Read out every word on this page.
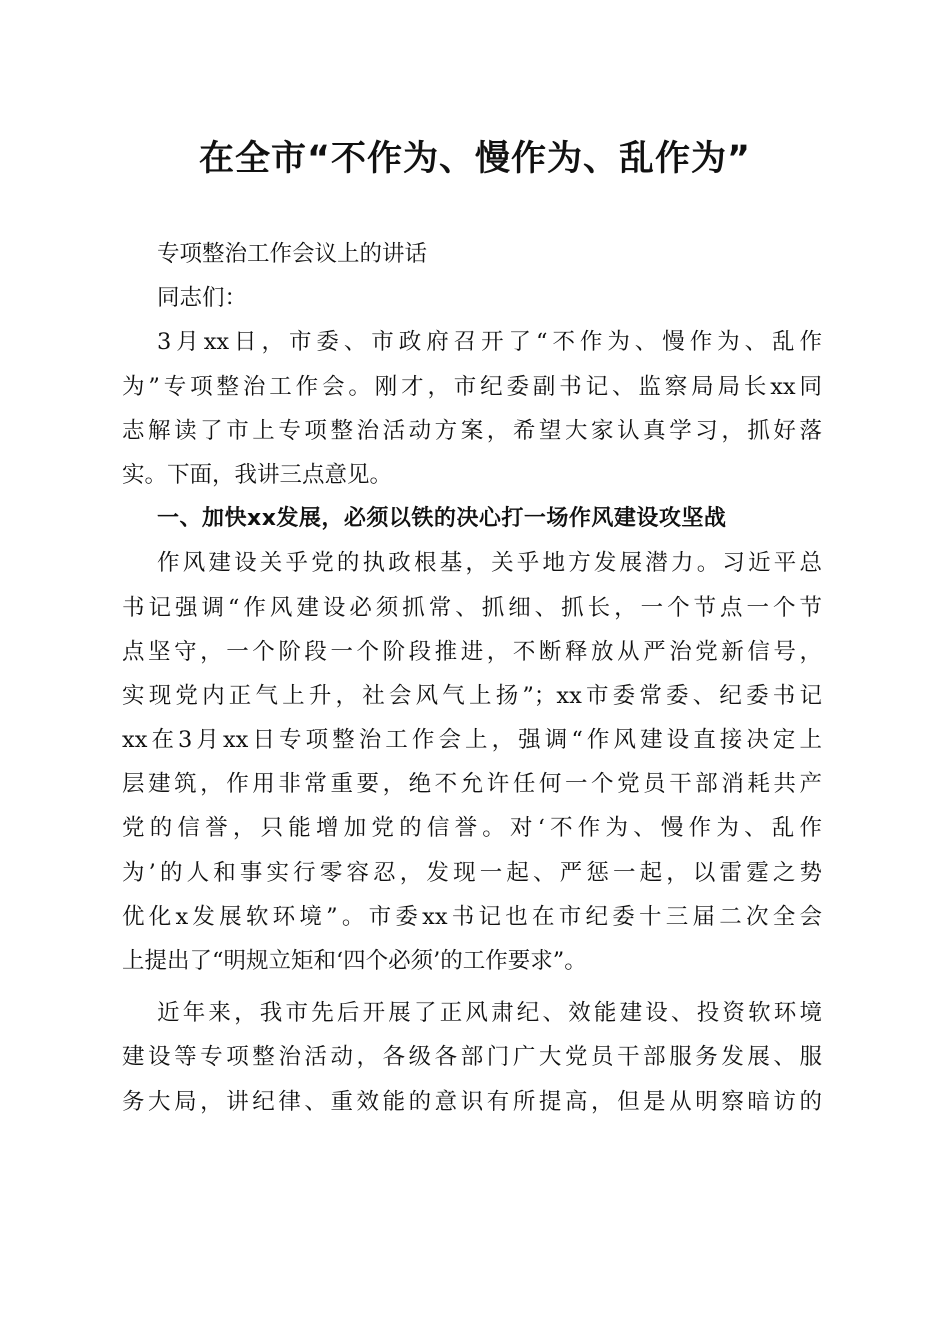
在全市“不作为、慢作为、乱作为”
专项整治工作会议上的讲话
同志们：
3月xx日，市委、市政府召开了“不作为、慢作为、乱作
为”专项整治工作会。刚才，市纪委副书记、监察局局长xx同
志解读了市上专项整治活动方案，希望大家认真学习，抓好落
实。下面，我讲三点意见。
一、加快xx发展，必须以铁的决心打一场作风建设攻坚战
作风建设关乎党的执政根基，关乎地方发展潜力。习近平总
书记强调“作风建设必须抓常、抓细、抓长，一个节点一个节
点坚守，一个阶段一个阶段推进，不断释放从严治党新信号，
实现党内正气上升，社会风气上扬”；xx市委常委、纪委书记
xx在3月xx日专项整治工作会上，强调“作风建设直接决定上
层建筑，作用非常重要，绝不允许任何一个党员干部消耗共产
党的信誉，只能增加党的信誉。对‘不作为、慢作为、乱作
为’的人和事实行零容忍，发现一起、严惩一起，以雷霆之势
优化x发展软环境”。市委xx书记也在市纪委十三届二次全会
上提出了“明规立矩和‘四个必须’的工作要求”。
近年来，我市先后开展了正风肃纪、效能建设、投资软环境
建设等专项整治活动，各级各部门广大党员干部服务发展、服
务大局，讲纪律、重效能的意识有所提高，但是从明察暗访的
